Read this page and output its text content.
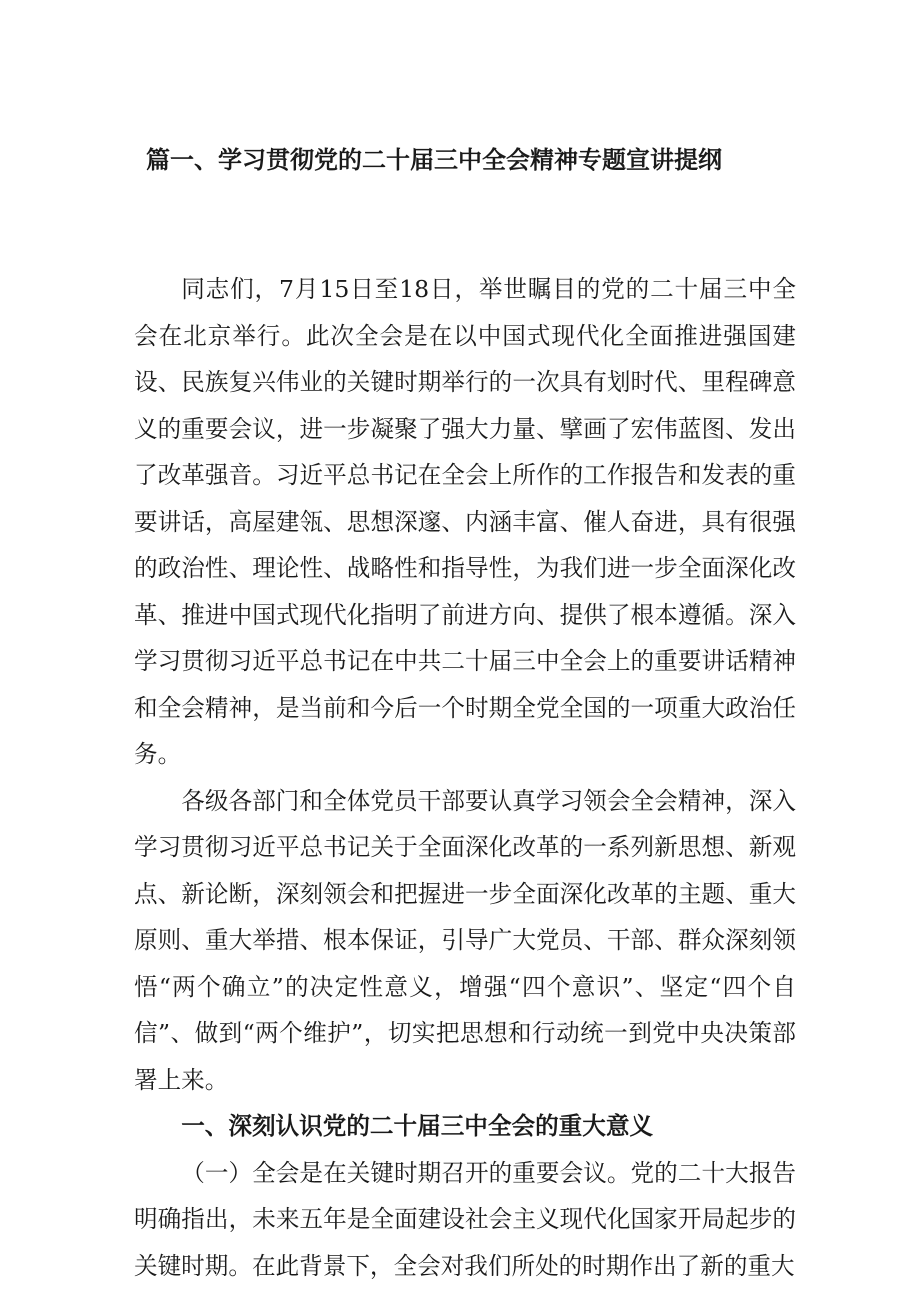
篇一、学习贯彻党的二十届三中全会精神专题宣讲提纲

同志们，7月15日至18日，举世瞩目的党的二十届三中全会在北京举行。此次全会是在以中国式现代化全面推进强国建设、民族复兴伟业的关键时期举行的一次具有划时代、里程碑意义的重要会议，进一步凝聚了强大力量、擘画了宏伟蓝图、发出了改革强音。习近平总书记在全会上所作的工作报告和发表的重要讲话，高屋建瓴、思想深邃、内涵丰富、催人奋进，具有很强的政治性、理论性、战略性和指导性，为我们进一步全面深化改革、推进中国式现代化指明了前进方向、提供了根本遵循。深入学习贯彻习近平总书记在中共二十届三中全会上的重要讲话精神和全会精神，是当前和今后一个时期全党全国的一项重大政治任务。

各级各部门和全体党员干部要认真学习领会全会精神，深入学习贯彻习近平总书记关于全面深化改革的一系列新思想、新观点、新论断，深刻领会和把握进一步全面深化改革的主题、重大原则、重大举措、根本保证，引导广大党员、干部、群众深刻领悟“两个确立”的决定性意义，增强“四个意识”、坚定“四个自信”、做到“两个维护”，切实把思想和行动统一到党中央决策部署上来。

一、深刻认识党的二十届三中全会的重大意义

（一）全会是在关键时期召开的重要会议。党的二十大报告明确指出，未来五年是全面建设社会主义现代化国家开局起步的关键时期。在此背景下，全会对我们所处的时期作出了新的重大
